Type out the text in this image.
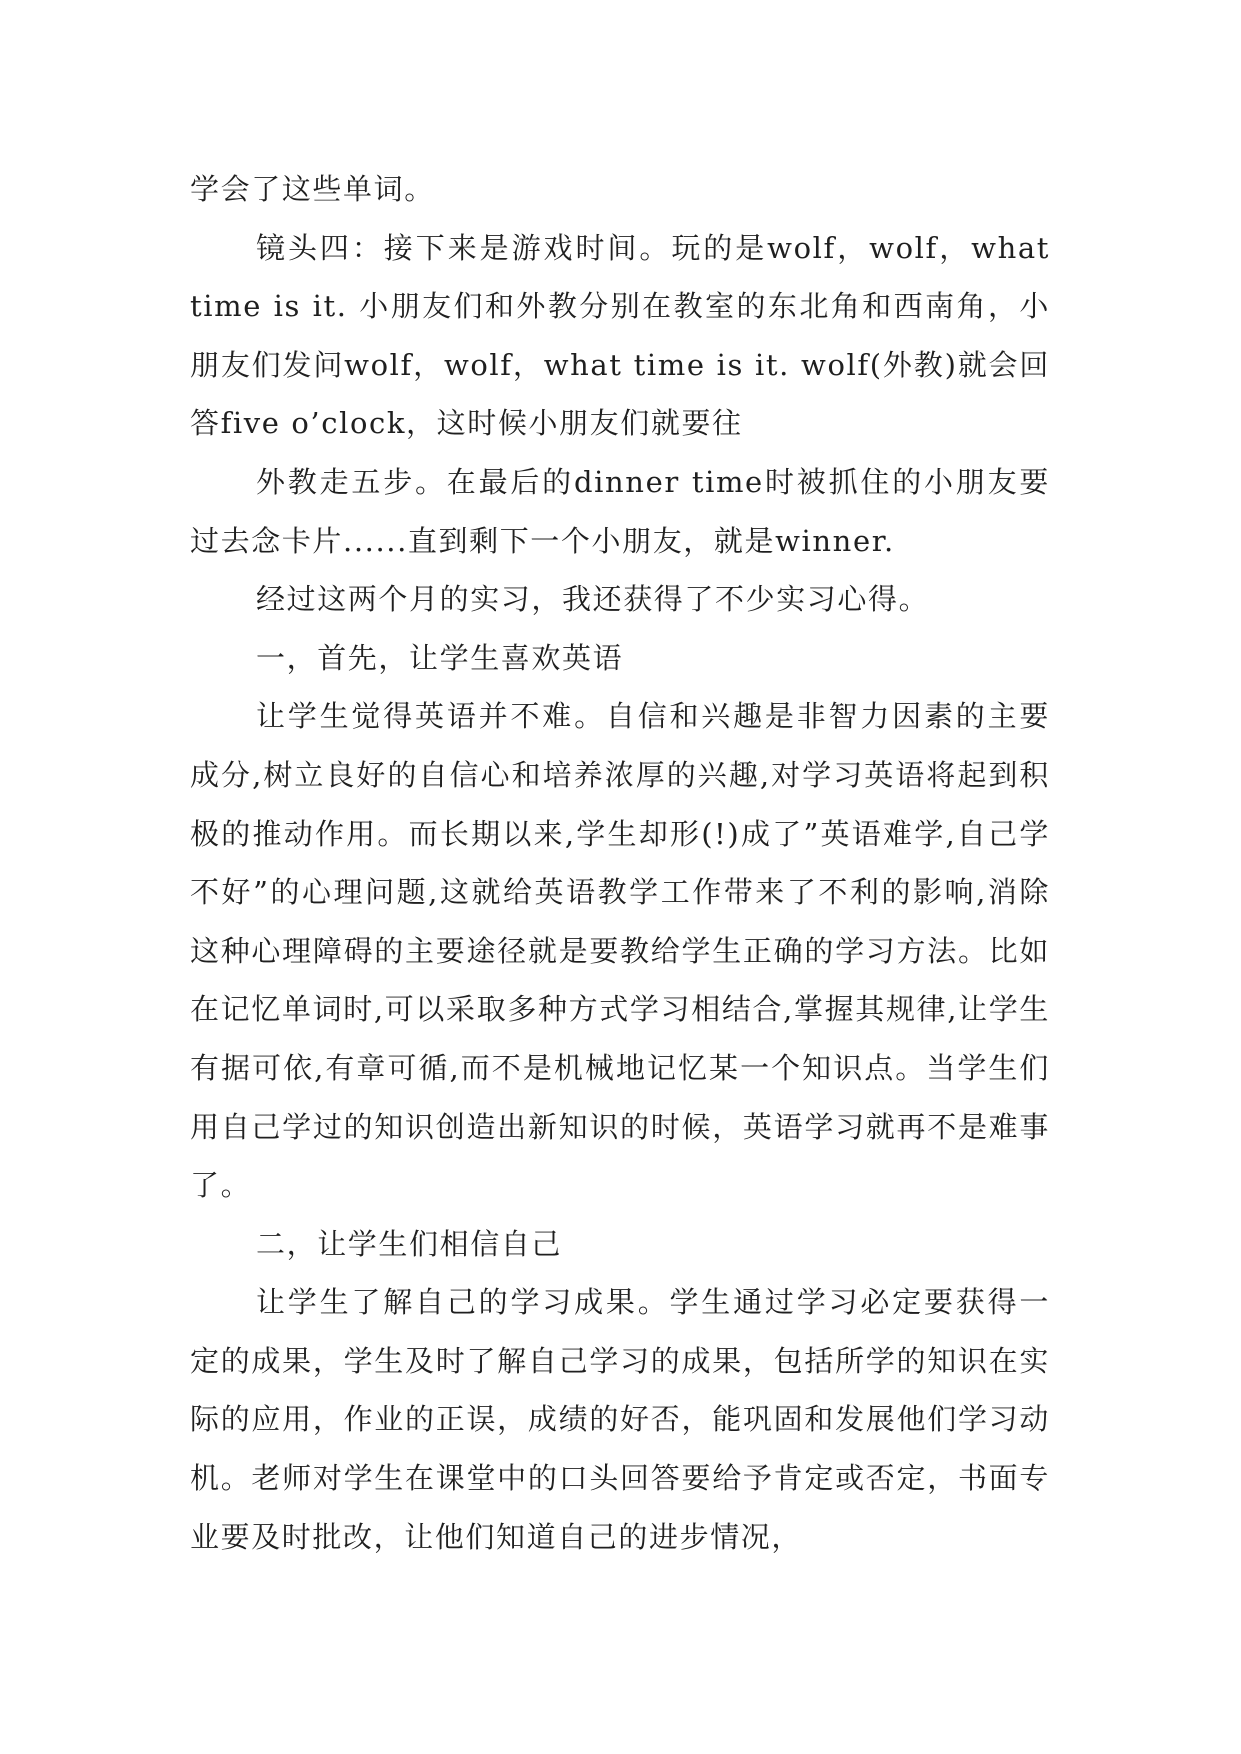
学会了这些单词。

镜头四：接下来是游戏时间。玩的是wolf，wolf，what time is it. 小朋友们和外教分别在教室的东北角和西南角，小朋友们发问wolf，wolf，what time is it. wolf(外教)就会回答five o’clock，这时候小朋友们就要往

外教走五步。在最后的dinner time时被抓住的小朋友要过去念卡片......直到剩下一个小朋友，就是winner.

经过这两个月的实习，我还获得了不少实习心得。

一，首先，让学生喜欢英语

让学生觉得英语并不难。自信和兴趣是非智力因素的主要成分,树立良好的自信心和培养浓厚的兴趣,对学习英语将起到积极的推动作用。而长期以来,学生却形(!)成了”英语难学,自己学不好”的心理问题,这就给英语教学工作带来了不利的影响,消除这种心理障碍的主要途径就是要教给学生正确的学习方法。比如在记忆单词时,可以采取多种方式学习相结合,掌握其规律,让学生有据可依,有章可循,而不是机械地记忆某一个知识点。当学生们用自己学过的知识创造出新知识的时候，英语学习就再不是难事了。

二，让学生们相信自己

让学生了解自己的学习成果。学生通过学习必定要获得一定的成果，学生及时了解自己学习的成果，包括所学的知识在实际的应用，作业的正误，成绩的好否，能巩固和发展他们学习动机。老师对学生在课堂中的口头回答要给予肯定或否定，书面专业要及时批改，让他们知道自己的进步情况，
